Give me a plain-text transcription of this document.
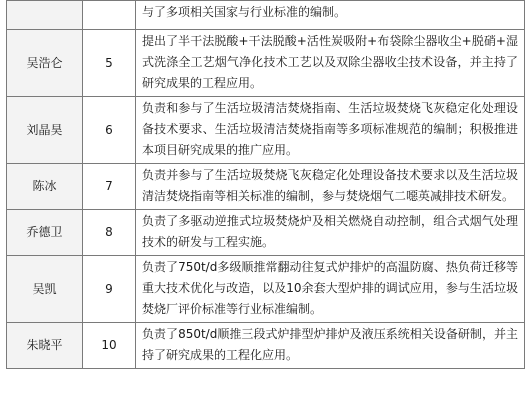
		与了多项相关国家与行业标准的编制。
吴浩仑	5	提出了半干法脱酸+干法脱酸+活性炭吸附+布袋除尘器收尘+脱硝+湿式洗涤全工艺烟气净化技术工艺以及双除尘器收尘技术设备，并主持了研究成果的工程应用。
刘晶昊	6	负责和参与了生活垃圾清洁焚烧指南、生活垃圾焚烧飞灰稳定化处理设备技术要求、生活垃圾清洁焚烧指南等多项标准规范的编制；积极推进本项目研究成果的推广应用。
陈冰	7	负责并参与了生活垃圾焚烧飞灰稳定化处理设备技术要求以及生活垃圾清洁焚烧指南等相关标准的编制，参与焚烧烟气二噁英减排技术研发。
乔德卫	8	负责了多驱动逆推式垃圾焚烧炉及相关燃烧自动控制，组合式烟气处理技术的研发与工程实施。
吴凯	9	负责了750t/d多级顺推常翻动往复式炉排炉的高温防腐、热负荷迁移等重大技术优化与改造，以及10余套大型炉排的调试应用，参与生活垃圾焚烧厂评价标准等行业标准编制。
朱晓平	10	负责了850t/d顺推三段式炉排型炉排炉及液压系统相关设备研制，并主持了研究成果的工程化应用。
